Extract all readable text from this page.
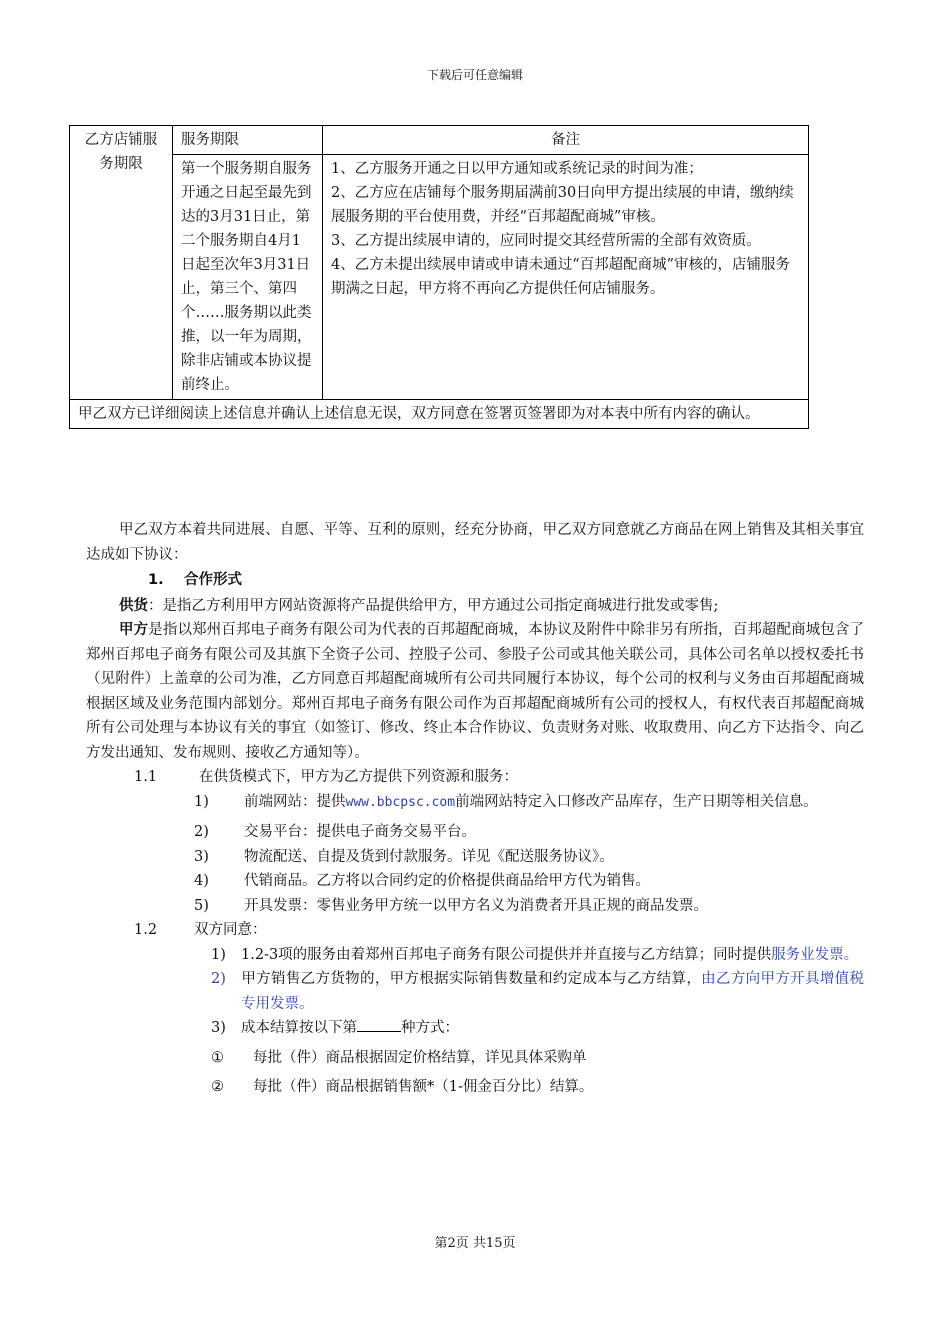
下载后可任意编辑
乙方店铺服务期限	服务期限	备注
	第一个服务期自服务开通之日起至最先到达的3月31日止，第二个服务期自4月1日起至次年3月31日止，第三个、第四个……服务期以此类推，以一年为周期，除非店铺或本协议提前终止。	1、乙方服务开通之日以甲方通知或系统记录的时间为准；
2、乙方应在店铺每个服务期届满前30日向甲方提出续展的申请，缴纳续展服务期的平台使用费，并经“百邦超配商城”审核。
3、乙方提出续展申请的，应同时提交其经营所需的全部有效资质。
4、乙方未提出续展申请或申请未通过“百邦超配商城”审核的，店铺服务期满之日起，甲方将不再向乙方提供任何店铺服务。

甲乙双方已详细阅读上述信息并确认上述信息无误，双方同意在签署页签署即为对本表中所有内容的确认。		

甲乙双方本着共同进展、自愿、平等、互利的原则，经充分协商，甲乙双方同意就乙方商品在网上销售及其相关事宜达成如下协议：

1. 合作形式

供货：是指乙方利用甲方网站资源将产品提供给甲方，甲方通过公司指定商城进行批发或零售;

甲方是指以郑州百邦电子商务有限公司为代表的百邦超配商城，本协议及附件中除非另有所指，百邦超配商城包含了郑州百邦电子商务有限公司及其旗下全资子公司、控股子公司、参股子公司或其他关联公司，具体公司名单以授权委托书（见附件）上盖章的公司为准，乙方同意百邦超配商城所有公司共同履行本协议，每个公司的权利与义务由百邦超配商城根据区域及业务范围内部划分。郑州百邦电子商务有限公司作为百邦超配商城所有公司的授权人，有权代表百邦超配商城所有公司处理与本协议有关的事宜（如签订、修改、终止本合作协议、负责财务对账、收取费用、向乙方下达指令、向乙方发出通知、发布规则、接收乙方通知等）。

1.1	在供货模式下，甲方为乙方提供下列资源和服务：

1) 前端网站：提供www.bbcpsc.com前端网站特定入口修改产品库存，生产日期等相关信息。

2) 交易平台：提供电子商务交易平台。

3) 物流配送、自提及货到付款服务。详见《配送服务协议》。

4) 代销商品。乙方将以合同约定的价格提供商品给甲方代为销售。

5) 开具发票：零售业务甲方统一以甲方名义为消费者开具正规的商品发票。

1.2	双方同意：

1) 1.2-3项的服务由着郑州百邦电子商务有限公司提供并并直接与乙方结算；同时提供服务业发票。

2) 甲方销售乙方货物的，甲方根据实际销售数量和约定成本与乙方结算，由乙方向甲方开具增值税专用发票。

3) 成本结算按以下第	种方式：

① 每批（件）商品根据固定价格结算，详见具体采购单

② 每批（件）商品根据销售额*（1-佣金百分比）结算。

第2页 共15页
